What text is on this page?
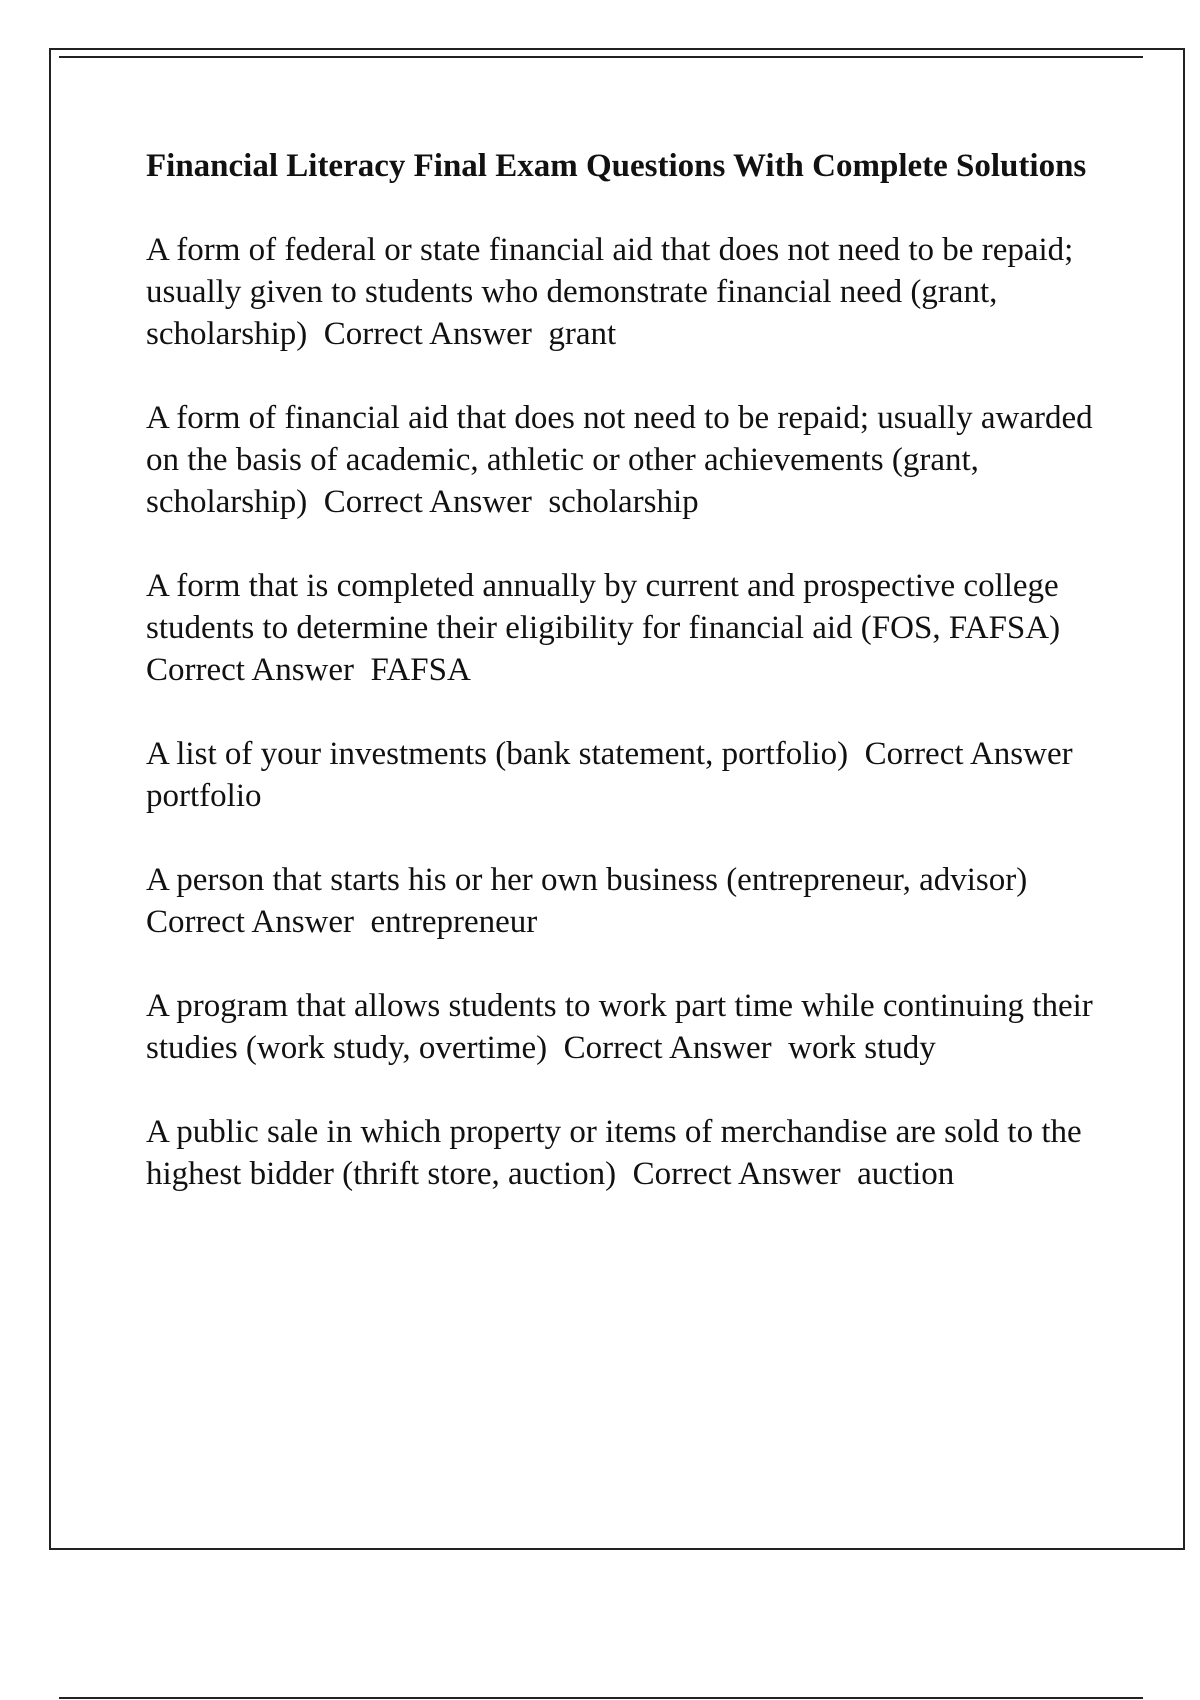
Financial Literacy Final Exam Questions With Complete Solutions

A form of federal or state financial aid that does not need to be repaid; usually given to students who demonstrate financial need (grant, scholarship) Correct Answer grant

A form of financial aid that does not need to be repaid; usually awarded on the basis of academic, athletic or other achievements (grant, scholarship) Correct Answer scholarship

A form that is completed annually by current and prospective college students to determine their eligibility for financial aid (FOS, FAFSA)  Correct Answer FAFSA

A list of your investments (bank statement, portfolio) Correct Answer  portfolio

A person that starts his or her own business (entrepreneur, advisor)  Correct Answer entrepreneur

A program that allows students to work part time while continuing their studies (work study, overtime) Correct Answer work study

A public sale in which property or items of merchandise are sold to the highest bidder (thrift store, auction) Correct Answer auction
